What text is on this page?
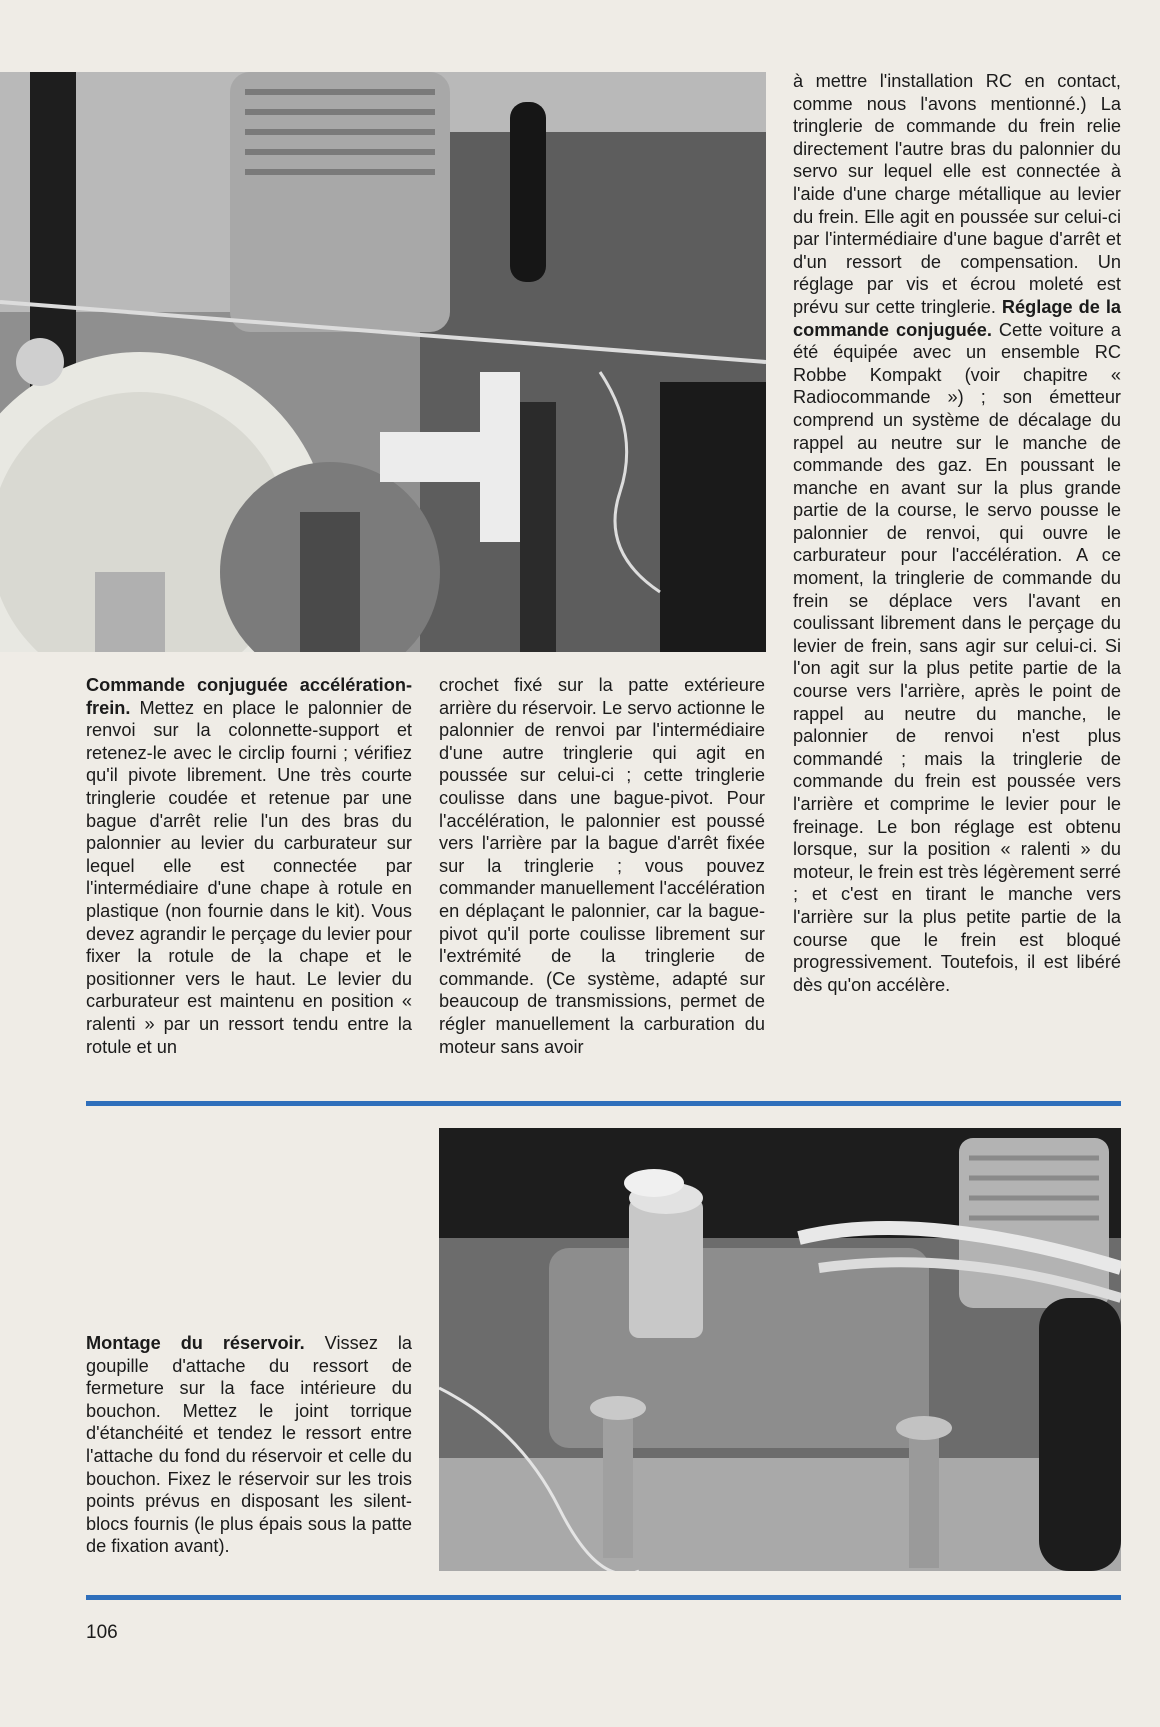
à mettre l'installation RC en contact, comme nous l'avons mentionné.) La tringlerie de commande du frein relie directement l'autre bras du palonnier du servo sur lequel elle est connectée à l'aide d'une charge métallique au levier du frein. Elle agit en poussée sur celui-ci par l'intermédiaire d'une bague d'arrêt et d'un ressort de compensation. Un réglage par vis et écrou moleté est prévu sur cette tringlerie. Réglage de la commande conjuguée. Cette voiture a été équipée avec un ensemble RC Robbe Kompakt (voir chapitre « Radiocommande ») ; son émetteur comprend un système de décalage du rappel au neutre sur le manche de commande des gaz. En poussant le manche en avant sur la plus grande partie de la course, le servo pousse le palonnier de renvoi, qui ouvre le carburateur pour l'accélération. A ce moment, la tringlerie de commande du frein se déplace vers l'avant en coulissant librement dans le perçage du levier de frein, sans agir sur celui-ci. Si l'on agit sur la plus petite partie de la course vers l'arrière, après le point de rappel au neutre du manche, le palonnier de renvoi n'est plus commandé ; mais la tringlerie de commande du frein est poussée vers l'arrière et comprime le levier pour le freinage. Le bon réglage est obtenu lorsque, sur la position « ralenti » du moteur, le frein est très légèrement serré ; et c'est en tirant le manche vers l'arrière sur la plus petite partie de la course que le frein est bloqué progressivement. Toutefois, il est libéré dès qu'on accélère.
Commande conjuguée accélération-frein. Mettez en place le palonnier de renvoi sur la colonnette-support et retenez-le avec le circlip fourni ; vérifiez qu'il pivote librement. Une très courte tringlerie coudée et retenue par une bague d'arrêt relie l'un des bras du palonnier au levier du carburateur sur lequel elle est connectée par l'intermédiaire d'une chape à rotule en plastique (non fournie dans le kit). Vous devez agrandir le perçage du levier pour fixer la rotule de la chape et le positionner vers le haut. Le levier du carburateur est maintenu en position « ralenti » par un ressort tendu entre la rotule et un
crochet fixé sur la patte extérieure arrière du réservoir. Le servo actionne le palonnier de renvoi par l'intermédiaire d'une autre tringlerie qui agit en poussée sur celui-ci ; cette tringlerie coulisse dans une bague-pivot. Pour l'accélération, le palonnier est poussé vers l'arrière par la bague d'arrêt fixée sur la tringlerie ; vous pouvez commander manuellement l'accélération en déplaçant le palonnier, car la bague-pivot qu'il porte coulisse librement sur l'extrémité de la tringlerie de commande. (Ce système, adapté sur beaucoup de transmissions, permet de régler manuellement la carburation du moteur sans avoir
Montage du réservoir. Vissez la goupille d'attache du ressort de fermeture sur la face intérieure du bouchon. Mettez le joint torrique d'étanchéité et tendez le ressort entre l'attache du fond du réservoir et celle du bouchon. Fixez le réservoir sur les trois points prévus en disposant les silent-blocs fournis (le plus épais sous la patte de fixation avant).
106
